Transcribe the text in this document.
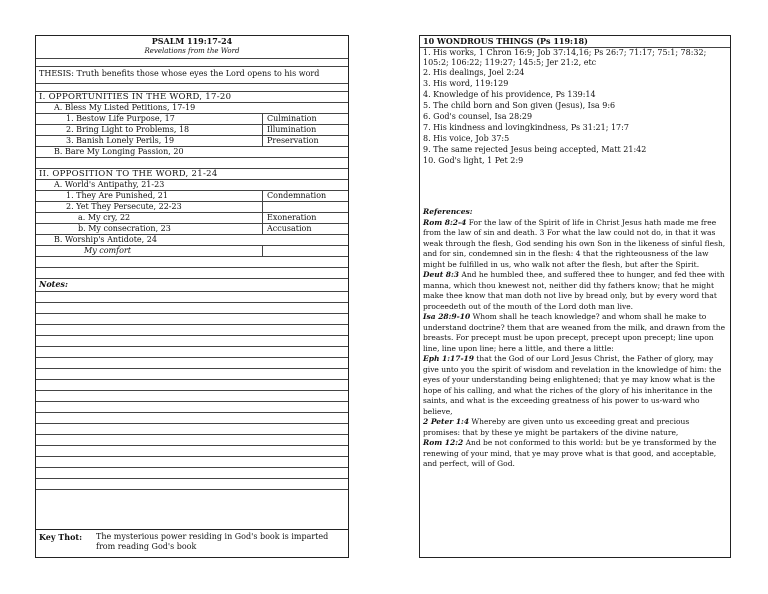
PSALM 119:17-24
Revelations from the Word
THESIS: Truth benefits those whose eyes the Lord opens to his word
I. OPPORTUNITIES IN THE WORD, 17-20
A. Bless My Listed Petitions, 17-19
1. Bestow Life Purpose, 17	Culmination
2. Bring Light to Problems, 18	Illumination
3. Banish Lonely Perils, 19	Preservation
B. Bare My Longing Passion, 20
II. OPPOSITION TO THE WORD, 21-24
A. World's Antipathy, 21-23
1. They Are Punished, 21	Condemnation
2. Yet They Persecute, 22-23
a. My cry, 22	Exoneration
b. My consecration, 23	Accusation
B. Worship's Antidote, 24
My comfort
Notes:
Key Thot: The mysterious power residing in God's book is imparted from reading God's book
10 WONDROUS THINGS (Ps 119:18)
1. His works, 1 Chron 16:9; Job 37:14,16; Ps 26:7; 71:17; 75:1; 78:32; 105:2; 106:22; 119:27; 145:5; Jer 21:2, etc
2. His dealings, Joel 2:24
3. His word, 119:129
4. Knowledge of his providence, Ps 139:14
5. The child born and Son given (Jesus), Isa 9:6
6. God's counsel, Isa 28:29
7. His kindness and lovingkindness, Ps 31:21; 17:7
8. His voice, Job 37:5
9. The same rejected Jesus being accepted, Matt 21:42
10. God's light, 1 Pet 2:9
References:

Rom 8:2-4 For the law of the Spirit of life in Christ Jesus hath made me free from the law of sin and death. 3 For what the law could not do, in that it was weak through the flesh, God sending his own Son in the likeness of sinful flesh, and for sin, condemned sin in the flesh: 4 that the righteousness of the law might be fulfilled in us, who walk not after the flesh, but after the Spirit.

Deut 8:3 And he humbled thee, and suffered thee to hunger, and fed thee with manna, which thou knewest not, neither did thy fathers know; that he might make thee know that man doth not live by bread only, but by every word that proceedeth out of the mouth of the Lord doth man live.

Isa 28:9-10 Whom shall he teach knowledge? and whom shall he make to understand doctrine? them that are weaned from the milk, and drawn from the breasts. For precept must be upon precept, precept upon precept; line upon line, line upon line; here a little, and there a little:

Eph 1:17-19 that the God of our Lord Jesus Christ, the Father of glory, may give unto you the spirit of wisdom and revelation in the knowledge of him: the eyes of your understanding being enlightened; that ye may know what is the hope of his calling, and what the riches of the glory of his inheritance in the saints, and what is the exceeding greatness of his power to us-ward who believe,

2 Peter 1:4 Whereby are given unto us exceeding great and precious promises: that by these ye might be partakers of the divine nature,

Rom 12:2 And be not conformed to this world: but be ye transformed by the renewing of your mind, that ye may prove what is that good, and acceptable, and perfect, will of God.
